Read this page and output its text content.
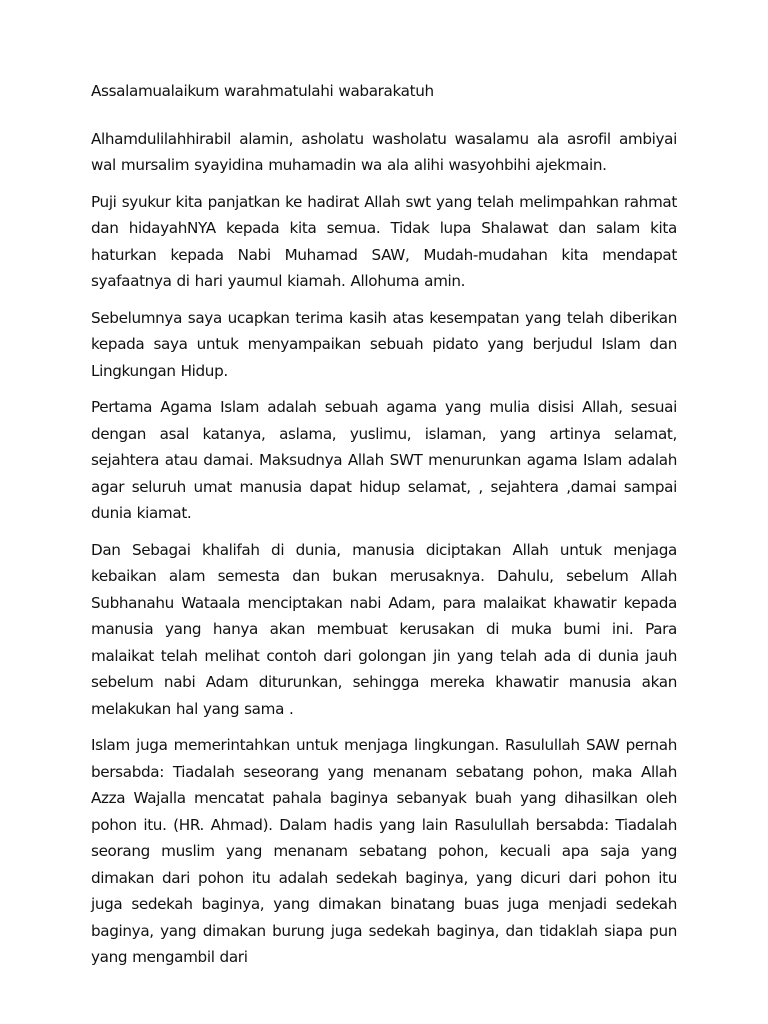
Assalamualaikum warahmatulahi wabarakatuh

Alhamdulilahhirabil alamin, asholatu washolatu wasalamu ala asrofil ambiyai wal mursalim syayidina muhamadin wa ala alihi wasyohbihi ajekmain.

Puji syukur kita panjatkan ke hadirat Allah swt yang telah melimpahkan rahmat dan hidayahNYA kepada kita semua. Tidak lupa Shalawat dan salam kita haturkan kepada Nabi Muhamad SAW, Mudah-mudahan kita mendapat syafaatnya di hari yaumul kiamah. Allohuma amin.

Sebelumnya saya ucapkan terima kasih atas kesempatan yang telah diberikan kepada saya untuk menyampaikan sebuah pidato yang berjudul Islam dan Lingkungan Hidup.

Pertama Agama Islam adalah sebuah agama yang mulia disisi Allah, sesuai dengan asal katanya, aslama, yuslimu, islaman, yang artinya selamat, sejahtera atau damai. Maksudnya Allah SWT menurunkan agama Islam adalah agar seluruh umat manusia dapat hidup selamat, , sejahtera ,damai sampai dunia kiamat.

Dan Sebagai khalifah di dunia, manusia diciptakan Allah untuk menjaga kebaikan alam semesta dan bukan merusaknya. Dahulu, sebelum Allah Subhanahu Wataala menciptakan nabi Adam, para malaikat khawatir kepada manusia yang hanya akan membuat kerusakan di muka bumi ini. Para malaikat telah melihat contoh dari golongan jin yang telah ada di dunia jauh sebelum nabi Adam diturunkan, sehingga mereka khawatir manusia akan melakukan hal yang sama .

Islam juga memerintahkan untuk menjaga lingkungan. Rasulullah SAW pernah bersabda: Tiadalah seseorang yang menanam sebatang pohon, maka Allah Azza Wajalla mencatat pahala baginya sebanyak buah yang dihasilkan oleh pohon itu. (HR. Ahmad). Dalam hadis yang lain Rasulullah bersabda: Tiadalah seorang muslim yang menanam sebatang pohon, kecuali apa saja yang dimakan dari pohon itu adalah sedekah baginya, yang dicuri dari pohon itu juga sedekah baginya, yang dimakan binatang buas juga menjadi sedekah baginya, yang dimakan burung juga sedekah baginya, dan tidaklah siapa pun yang mengambil dari
